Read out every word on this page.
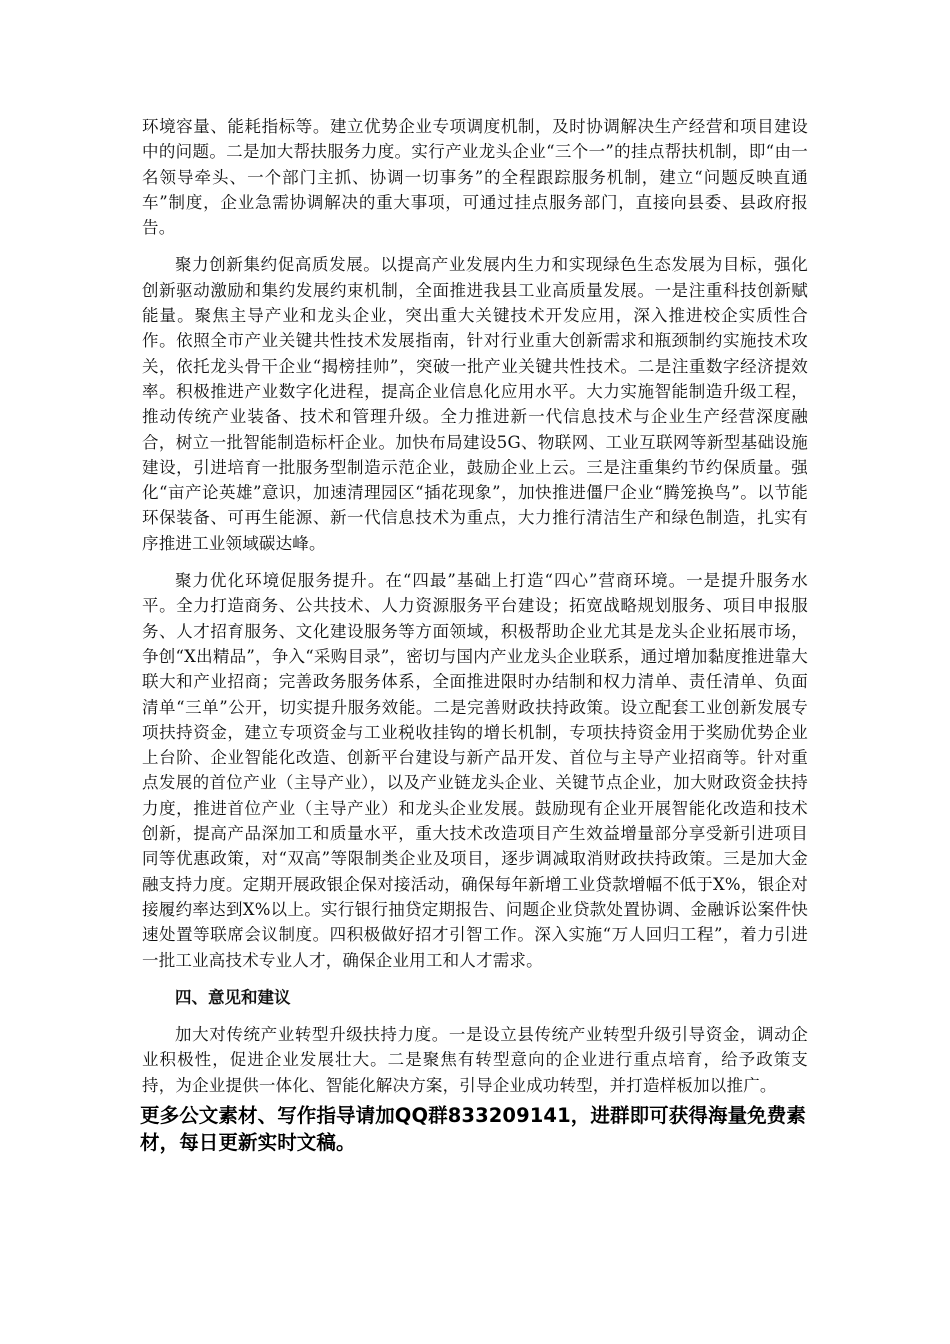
环境容量、能耗指标等。建立优势企业专项调度机制，及时协调解决生产经营和项目建设中的问题。二是加大帮扶服务力度。实行产业龙头企业“三个一”的挂点帮扶机制，即“由一名领导牵头、一个部门主抓、协调一切事务”的全程跟踪服务机制，建立“问题反映直通车”制度，企业急需协调解决的重大事项，可通过挂点服务部门，直接向县委、县政府报告。

聚力创新集约促高质发展。以提高产业发展内生力和实现绿色生态发展为目标，强化创新驱动激励和集约发展约束机制，全面推进我县工业高质量发展。一是注重科技创新赋能量。聚焦主导产业和龙头企业，突出重大关键技术开发应用，深入推进校企实质性合作。依照全市产业关键共性技术发展指南，针对行业重大创新需求和瓶颈制约实施技术攻关，依托龙头骨干企业“揭榜挂帅”，突破一批产业关键共性技术。二是注重数字经济提效率。积极推进产业数字化进程，提高企业信息化应用水平。大力实施智能制造升级工程，推动传统产业装备、技术和管理升级。全力推进新一代信息技术与企业生产经营深度融合，树立一批智能制造标杆企业。加快布局建设5G、物联网、工业互联网等新型基础设施建设，引进培育一批服务型制造示范企业，鼓励企业上云。三是注重集约节约保质量。强化“亩产论英雄”意识，加速清理园区“插花现象”，加快推进僵尸企业“腾笼换鸟”。以节能环保装备、可再生能源、新一代信息技术为重点，大力推行清洁生产和绿色制造，扎实有序推进工业领域碳达峰。

聚力优化环境促服务提升。在“四最”基础上打造“四心”营商环境。一是提升服务水平。全力打造商务、公共技术、人力资源服务平台建设；拓宽战略规划服务、项目申报服务、人才招育服务、文化建设服务等方面领域，积极帮助企业尤其是龙头企业拓展市场，争创“X出精品”，争入“采购目录”，密切与国内产业龙头企业联系，通过增加黏度推进靠大联大和产业招商；完善政务服务体系，全面推进限时办结制和权力清单、责任清单、负面清单“三单”公开，切实提升服务效能。二是完善财政扶持政策。设立配套工业创新发展专项扶持资金，建立专项资金与工业税收挂钩的增长机制，专项扶持资金用于奖励优势企业上台阶、企业智能化改造、创新平台建设与新产品开发、首位与主导产业招商等。针对重点发展的首位产业（主导产业），以及产业链龙头企业、关键节点企业，加大财政资金扶持力度，推进首位产业（主导产业）和龙头企业发展。鼓励现有企业开展智能化改造和技术创新，提高产品深加工和质量水平，重大技术改造项目产生效益增量部分享受新引进项目同等优惠政策，对“双高”等限制类企业及项目，逐步调减取消财政扶持政策。三是加大金融支持力度。定期开展政银企保对接活动，确保每年新增工业贷款增幅不低于X%，银企对接履约率达到X%以上。实行银行抽贷定期报告、问题企业贷款处置协调、金融诉讼案件快速处置等联席会议制度。四积极做好招才引智工作。深入实施“万人回归工程”，着力引进一批工业高技术专业人才，确保企业用工和人才需求。

四、意见和建议

加大对传统产业转型升级扶持力度。一是设立县传统产业转型升级引导资金，调动企业积极性，促进企业发展壮大。二是聚焦有转型意向的企业进行重点培育，给予政策支持，为企业提供一体化、智能化解决方案，引导企业成功转型，并打造样板加以推广。

更多公文素材、写作指导请加QQ群833209141，进群即可获得海量免费素材，每日更新实时文稿。
